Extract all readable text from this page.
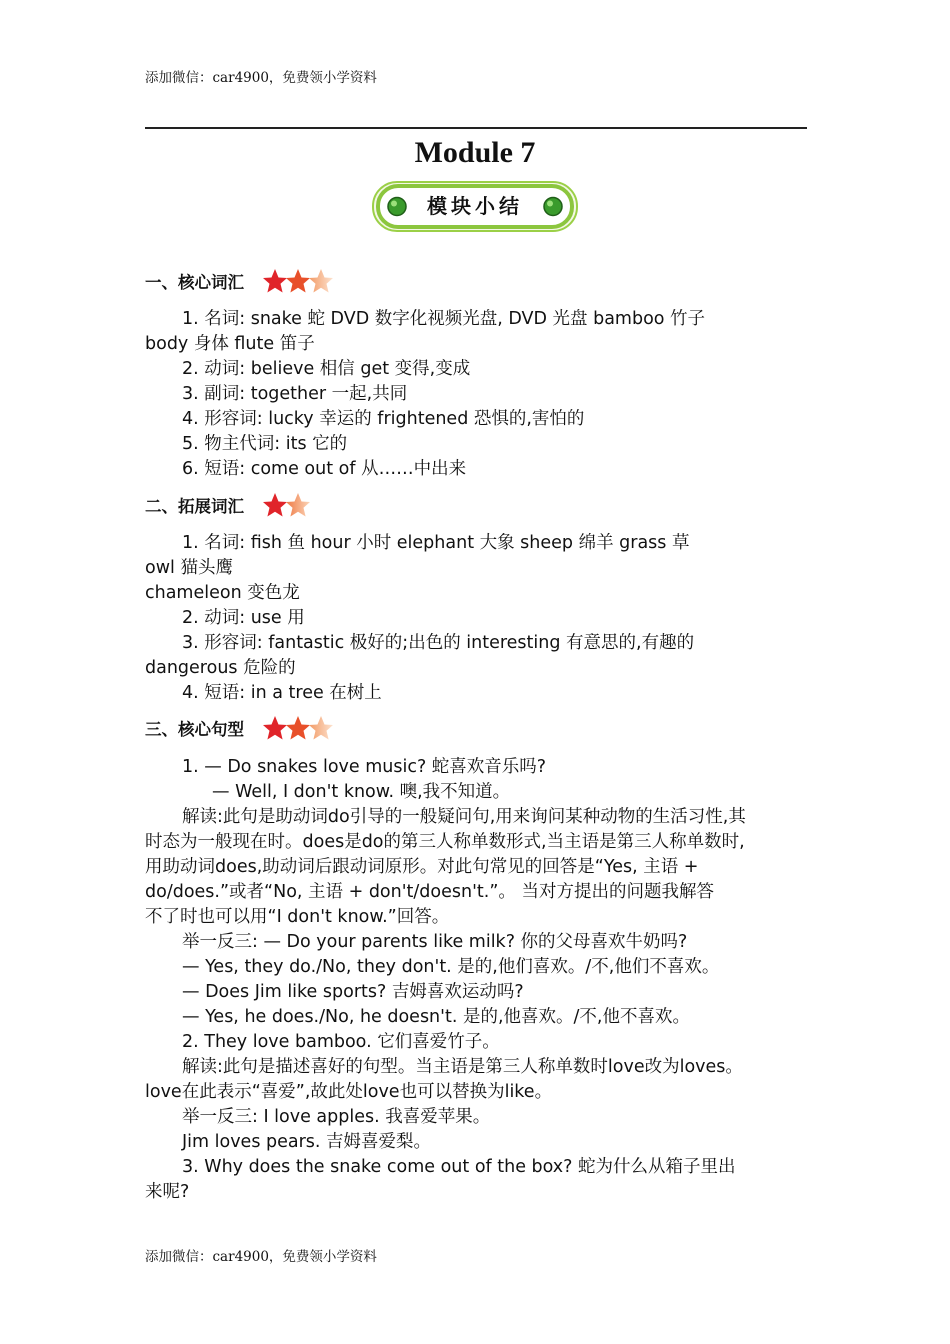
添加微信：car4900，免费领小学资料
Module 7
模块小结
一、核心词汇
二、拓展词汇
三、核心句型
1. 名词: snake 蛇 DVD 数字化视频光盘, DVD 光盘 bamboo 竹子
body 身体 flute 笛子
2. 动词: believe 相信 get 变得,变成
3. 副词: together 一起,共同
4. 形容词: lucky 幸运的 frightened 恐惧的,害怕的
5. 物主代词: its 它的
6. 短语: come out of 从……中出来
1. 名词: fish 鱼 hour 小时 elephant 大象 sheep 绵羊 grass 草
owl 猫头鹰
chameleon 变色龙
2. 动词: use 用
3. 形容词: fantastic 极好的;出色的 interesting 有意思的,有趣的
dangerous 危险的
4. 短语: in a tree 在树上
1. — Do snakes love music? 蛇喜欢音乐吗?
— Well, I don't know. 噢,我不知道。
解读:此句是助动词do引导的一般疑问句,用来询问某种动物的生活习性,其
时态为一般现在时。does是do的第三人称单数形式,当主语是第三人称单数时,
用助动词does,助动词后跟动词原形。对此句常见的回答是“Yes, 主语 +
do/does.”或者“No, 主语 + don't/doesn't.”。 当对方提出的问题我解答
不了时也可以用“I don't know.”回答。
举一反三: — Do your parents like milk? 你的父母喜欢牛奶吗?
— Yes, they do./No, they don't. 是的,他们喜欢。/不,他们不喜欢。
— Does Jim like sports? 吉姆喜欢运动吗?
— Yes, he does./No, he doesn't. 是的,他喜欢。/不,他不喜欢。
2. They love bamboo. 它们喜爱竹子。
解读:此句是描述喜好的句型。当主语是第三人称单数时love改为loves。
love在此表示“喜爱”,故此处love也可以替换为like。
举一反三: I love apples. 我喜爱苹果。
Jim loves pears. 吉姆喜爱梨。
3. Why does the snake come out of the box? 蛇为什么从箱子里出
来呢?
添加微信：car4900，免费领小学资料
